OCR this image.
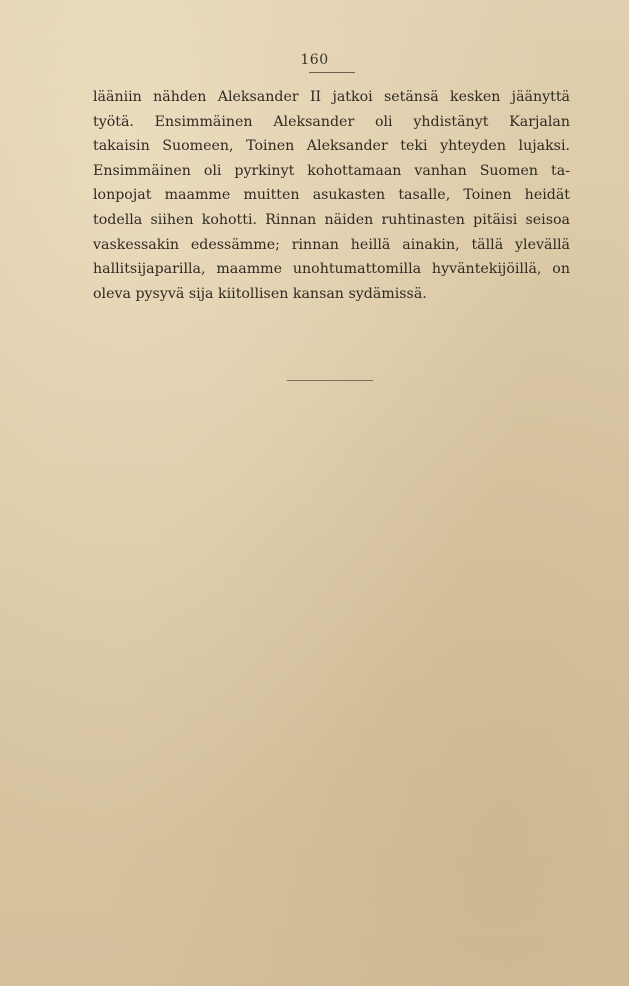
160
lääniin nähden Aleksander II jatkoi setänsä kesken jäänyttä
työtä. Ensimmäinen Aleksander oli yhdistänyt Karjalan
takaisin Suomeen, Toinen Aleksander teki yhteyden lujaksi.
Ensimmäinen oli pyrkinyt kohottamaan vanhan Suomen ta-
lonpojat maamme muitten asukasten tasalle, Toinen heidät
todella siihen kohotti. Rinnan näiden ruhtinasten pitäisi seisoa
vaskessakin edessämme; rinnan heillä ainakin, tällä ylevällä
hallitsijaparilla, maamme unohtumattomilla hyväntekijöillä, on
oleva pysyvä sija kiitollisen kansan sydämissä.
